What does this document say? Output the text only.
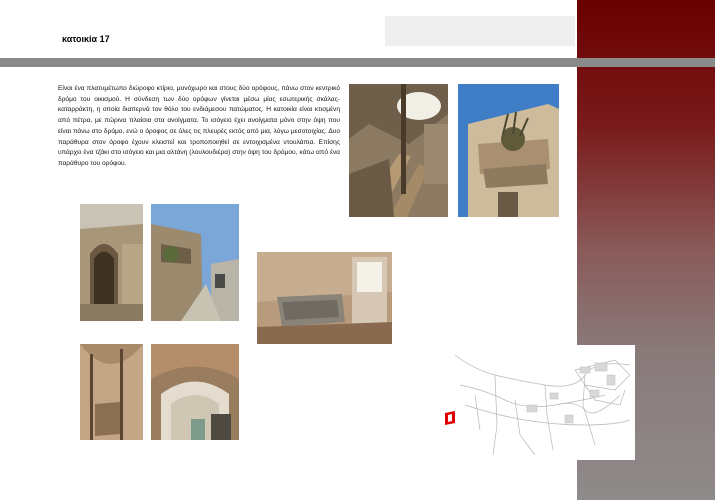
κατοικία 17
Είναι ένα πλατυμέτωπο διώροφο κτίριο, μονόχωρο και στους δύο ορόφους, πάνω στον κεντρικό δρόμο του οικισμού. Η σύνδεση των δύο ορόφων γίνεται μέσω μίας εσωτερικής σκάλας- καταρράκτη, η οποία διαπερνά τον θόλο του ενδιάμεσου πατώματος. Η κατοικία είναι κτισμένη από πέτρα, με πώρινα πλαίσια στα ανοίγματα. Το ισόγειο έχει ανοίγματα μόνο στην όψη που είναι πάνω στο δρόμο, ενώ ο όροφος σε όλες τις πλευρές εκτός από μια, λόγω μεσοτοιχίας. Δυο παράθυρα στον όροφο έχουν κλειστεί και τροποποιηθεί σε εντοιχισμένα ντουλάπια. Επίσης υπάρχει ένα τζάκι στο ισόγειο και μια αλτάνη (λουλουδιέρα) στην όψη του δρόμου, κάτω από ένα παράθυρο του ορόφου.
